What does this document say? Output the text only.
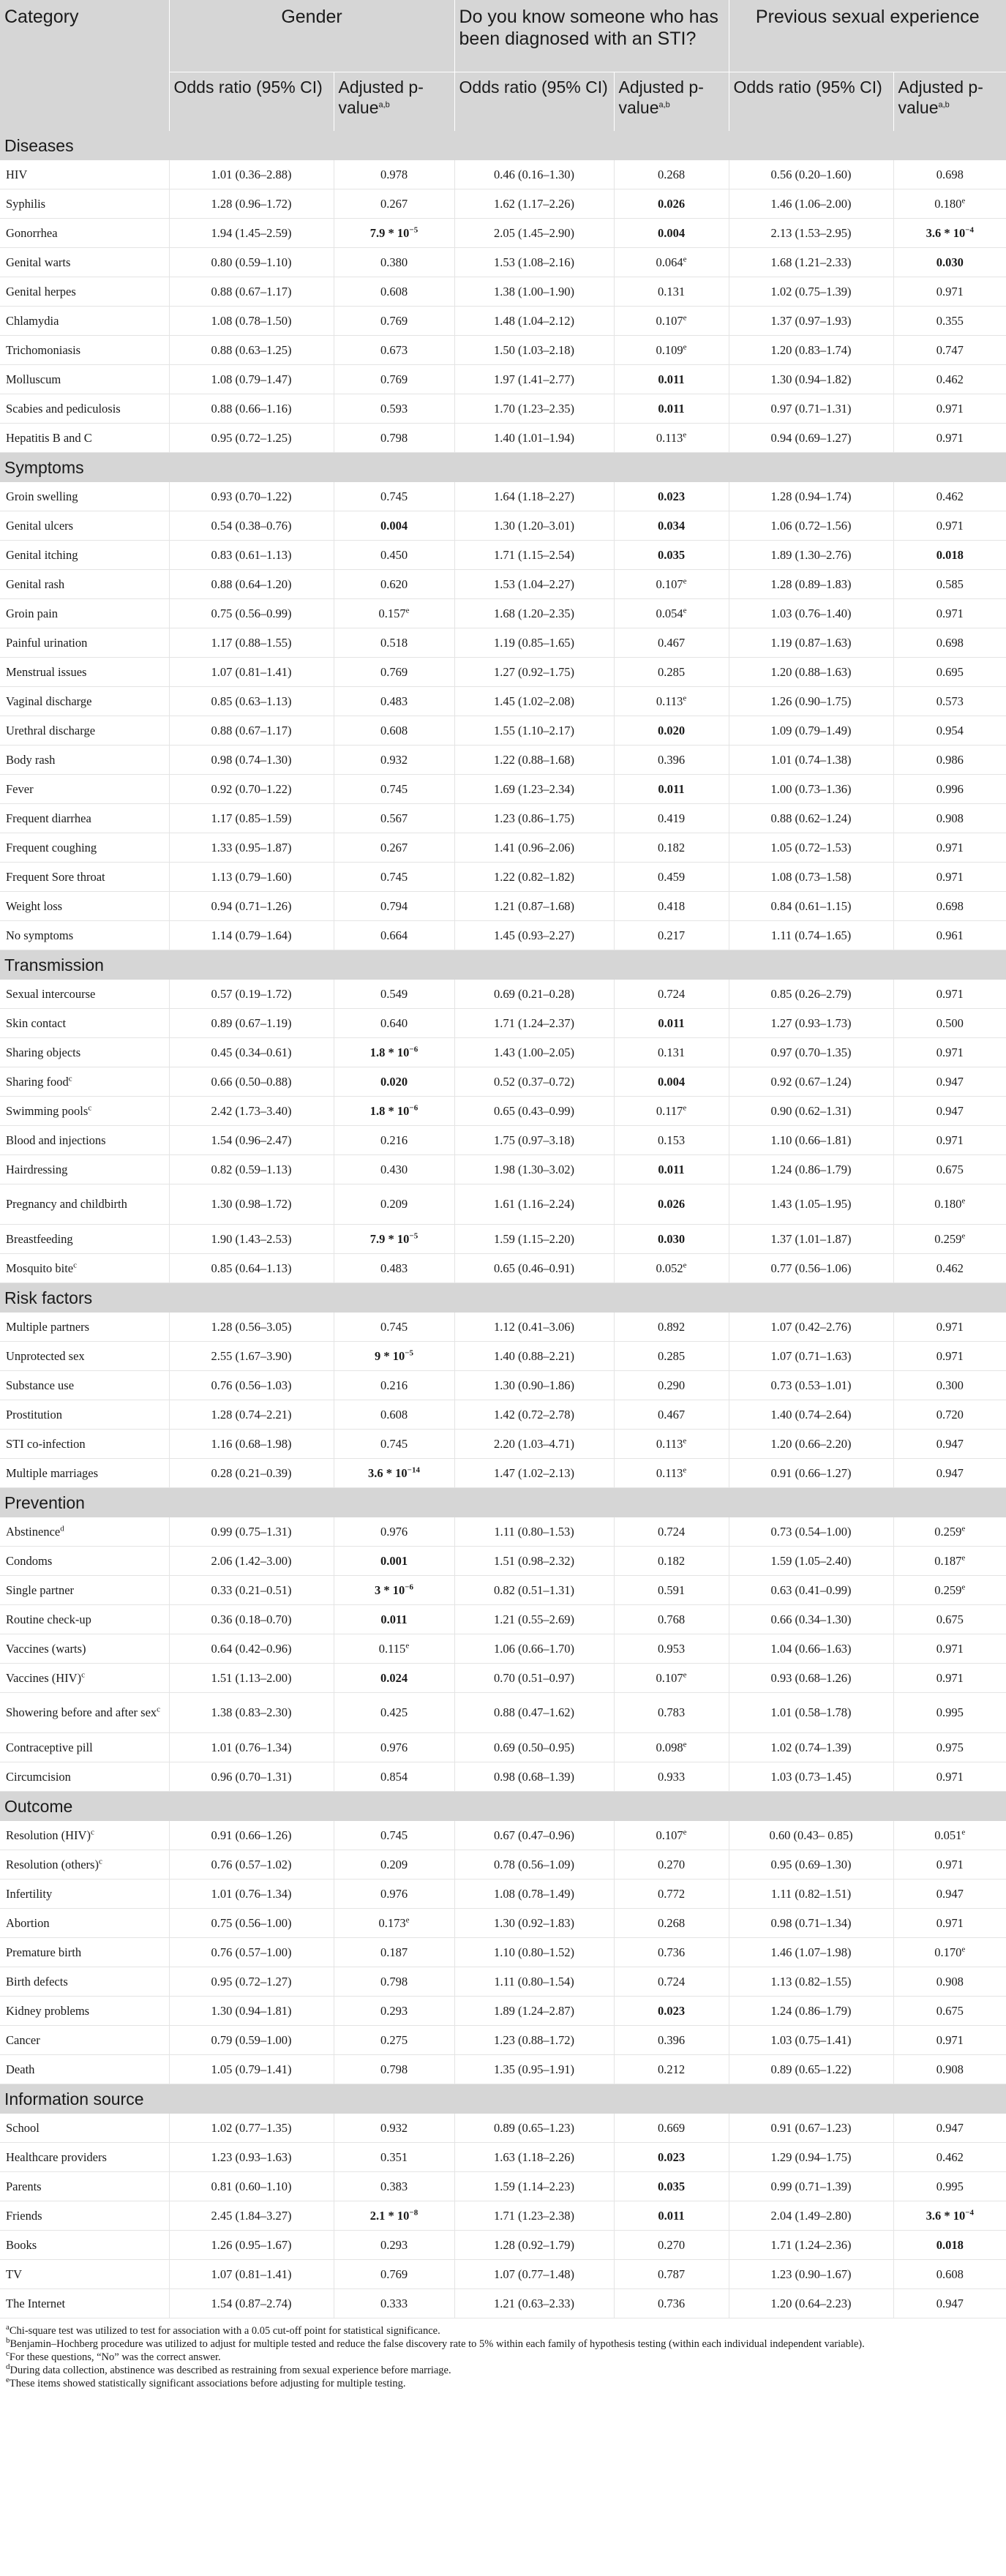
Category	Gender		Do you know someone who has been diagnosed with an STI?		Previous sexual experience	
	Odds ratio (95% CI)	Adjusted p-value$^{a,b}$	Odds ratio (95% CI)	Adjusted p-value$^{a,b}$	Odds ratio (95% CI)	Adjusted p-value$^{a,b}$
Diseases						
HIV	1.01 (0.36–2.88)	0.978	0.46 (0.16–1.30)	0.268	0.56 (0.20–1.60)	0.698
Syphilis	1.28 (0.96–1.72)	0.267	1.62 (1.17–2.26)	0.026	1.46 (1.06–2.00)	0.180e
Gonorrhea	1.94 (1.45–2.59)	$7.9 * 10^{-5}$	2.05 (1.45–2.90)	0.004	2.13 (1.53–2.95)	$3.6 * 10^{-4}$
Genital warts	0.80 (0.59–1.10)	0.380	1.53 (1.08–2.16)	0.064e	1.68 (1.21–2.33)	0.030
Genital herpes	0.88 (0.67–1.17)	0.608	1.38 (1.00–1.90)	0.131	1.02 (0.75–1.39)	0.971
Chlamydia	1.08 (0.78–1.50)	0.769	1.48 (1.04–2.12)	0.107e	1.37 (0.97–1.93)	0.355
Trichomoniasis	0.88 (0.63–1.25)	0.673	1.50 (1.03–2.18)	0.109e	1.20 (0.83–1.74)	0.747
Molluscum	1.08 (0.79–1.47)	0.769	1.97 (1.41–2.77)	0.011	1.30 (0.94–1.82)	0.462
Scabies and pediculosis	0.88 (0.66–1.16)	0.593	1.70 (1.23–2.35)	0.011	0.97 (0.71–1.31)	0.971
Hepatitis B and C	0.95 (0.72–1.25)	0.798	1.40 (1.01–1.94)	0.113e	0.94 (0.69–1.27)	0.971
Symptoms						
Groin swelling	0.93 (0.70–1.22)	0.745	1.64 (1.18–2.27)	0.023	1.28 (0.94–1.74)	0.462
Genital ulcers	0.54 (0.38–0.76)	0.004	1.30 (1.20–3.01)	0.034	1.06 (0.72–1.56)	0.971
Genital itching	0.83 (0.61–1.13)	0.450	1.71 (1.15–2.54)	0.035	1.89 (1.30–2.76)	0.018
Genital rash	0.88 (0.64–1.20)	0.620	1.53 (1.04–2.27)	0.107e	1.28 (0.89–1.83)	0.585
Groin pain	0.75 (0.56–0.99)	0.157e	1.68 (1.20–2.35)	0.054e	1.03 (0.76–1.40)	0.971
Painful urination	1.17 (0.88–1.55)	0.518	1.19 (0.85–1.65)	0.467	1.19 (0.87–1.63)	0.698
Menstrual issues	1.07 (0.81–1.41)	0.769	1.27 (0.92–1.75)	0.285	1.20 (0.88–1.63)	0.695
Vaginal discharge	0.85 (0.63–1.13)	0.483	1.45 (1.02–2.08)	0.113e	1.26 (0.90–1.75)	0.573
Urethral discharge	0.88 (0.67–1.17)	0.608	1.55 (1.10–2.17)	0.020	1.09 (0.79–1.49)	0.954
Body rash	0.98 (0.74–1.30)	0.932	1.22 (0.88–1.68)	0.396	1.01 (0.74–1.38)	0.986
Fever	0.92 (0.70–1.22)	0.745	1.69 (1.23–2.34)	0.011	1.00 (0.73–1.36)	0.996
Frequent diarrhea	1.17 (0.85–1.59)	0.567	1.23 (0.86–1.75)	0.419	0.88 (0.62–1.24)	0.908
Frequent coughing	1.33 (0.95–1.87)	0.267	1.41 (0.96–2.06)	0.182	1.05 (0.72–1.53)	0.971
Frequent Sore throat	1.13 (0.79–1.60)	0.745	1.22 (0.82–1.82)	0.459	1.08 (0.73–1.58)	0.971
Weight loss	0.94 (0.71–1.26)	0.794	1.21 (0.87–1.68)	0.418	0.84 (0.61–1.15)	0.698
No symptoms	1.14 (0.79–1.64)	0.664	1.45 (0.93–2.27)	0.217	1.11 (0.74–1.65)	0.961
Transmission						
Sexual intercourse	0.57 (0.19–1.72)	0.549	0.69 (0.21–0.28)	0.724	0.85 (0.26–2.79)	0.971
Skin contact	0.89 (0.67–1.19)	0.640	1.71 (1.24–2.37)	0.011	1.27 (0.93–1.73)	0.500
Sharing objects	0.45 (0.34–0.61)	$1.8 * 10^{-6}$	1.43 (1.00–2.05)	0.131	0.97 (0.70–1.35)	0.971
Sharing food$^c$	0.66 (0.50–0.88)	0.020	0.52 (0.37–0.72)	0.004	0.92 (0.67–1.24)	0.947
Swimming pools$^c$	2.42 (1.73–3.40)	$1.8 * 10^{-6}$	0.65 (0.43–0.99)	0.117e	0.90 (0.62–1.31)	0.947
Blood and injections	1.54 (0.96–2.47)	0.216	1.75 (0.97–3.18)	0.153	1.10 (0.66–1.81)	0.971
Hairdressing	0.82 (0.59–1.13)	0.430	1.98 (1.30–3.02)	0.011	1.24 (0.86–1.79)	0.675
Pregnancy and childbirth	1.30 (0.98–1.72)	0.209	1.61 (1.16–2.24)	0.026	1.43 (1.05–1.95)	0.180e
Breastfeeding	1.90 (1.43–2.53)	$7.9 * 10^{-5}$	1.59 (1.15–2.20)	0.030	1.37 (1.01–1.87)	0.259e
Mosquito bite$^c$	0.85 (0.64–1.13)	0.483	0.65 (0.46–0.91)	0.052e	0.77 (0.56–1.06)	0.462
Risk factors						
Multiple partners	1.28 (0.56–3.05)	0.745	1.12 (0.41–3.06)	0.892	1.07 (0.42–2.76)	0.971
Unprotected sex	2.55 (1.67–3.90)	$9 * 10^{-5}$	1.40 (0.88–2.21)	0.285	1.07 (0.71–1.63)	0.971
Substance use	0.76 (0.56–1.03)	0.216	1.30 (0.90–1.86)	0.290	0.73 (0.53–1.01)	0.300
Prostitution	1.28 (0.74–2.21)	0.608	1.42 (0.72–2.78)	0.467	1.40 (0.74–2.64)	0.720
STI co-infection	1.16 (0.68–1.98)	0.745	2.20 (1.03–4.71)	0.113e	1.20 (0.66–2.20)	0.947
Multiple marriages	0.28 (0.21–0.39)	$3.6 * 10^{-14}$	1.47 (1.02–2.13)	0.113e	0.91 (0.66–1.27)	0.947
Prevention						
Abstinence$^d$	0.99 (0.75–1.31)	0.976	1.11 (0.80–1.53)	0.724	0.73 (0.54–1.00)	0.259e
Condoms	2.06 (1.42–3.00)	0.001	1.51 (0.98–2.32)	0.182	1.59 (1.05–2.40)	0.187e
Single partner	0.33 (0.21–0.51)	$3 * 10^{-6}$	0.82 (0.51–1.31)	0.591	0.63 (0.41–0.99)	0.259e
Routine check-up	0.36 (0.18–0.70)	0.011	1.21 (0.55–2.69)	0.768	0.66 (0.34–1.30)	0.675
Vaccines (warts)	0.64 (0.42–0.96)	0.115e	1.06 (0.66–1.70)	0.953	1.04 (0.66–1.63)	0.971
Vaccines (HIV)$^c$	1.51 (1.13–2.00)	0.024	0.70 (0.51–0.97)	0.107e	0.93 (0.68–1.26)	0.971
Showering before and after sex$^c$	1.38 (0.83–2.30)	0.425	0.88 (0.47–1.62)	0.783	1.01 (0.58–1.78)	0.995
Contraceptive pill	1.01 (0.76–1.34)	0.976	0.69 (0.50–0.95)	0.098e	1.02 (0.74–1.39)	0.975
Circumcision	0.96 (0.70–1.31)	0.854	0.98 (0.68–1.39)	0.933	1.03 (0.73–1.45)	0.971
Outcome						
Resolution (HIV)$^c$	0.91 (0.66–1.26)	0.745	0.67 (0.47–0.96)	0.107e	0.60 (0.43– 0.85)	0.051e
Resolution (others)$^c$	0.76 (0.57–1.02)	0.209	0.78 (0.56–1.09)	0.270	0.95 (0.69–1.30)	0.971
Infertility	1.01 (0.76–1.34)	0.976	1.08 (0.78–1.49)	0.772	1.11 (0.82–1.51)	0.947
Abortion	0.75 (0.56–1.00)	0.173e	1.30 (0.92–1.83)	0.268	0.98 (0.71–1.34)	0.971
Premature birth	0.76 (0.57–1.00)	0.187	1.10 (0.80–1.52)	0.736	1.46 (1.07–1.98)	0.170e
Birth defects	0.95 (0.72–1.27)	0.798	1.11 (0.80–1.54)	0.724	1.13 (0.82–1.55)	0.908
Kidney problems	1.30 (0.94–1.81)	0.293	1.89 (1.24–2.87)	0.023	1.24 (0.86–1.79)	0.675
Cancer	0.79 (0.59–1.00)	0.275	1.23 (0.88–1.72)	0.396	1.03 (0.75–1.41)	0.971
Death	1.05 (0.79–1.41)	0.798	1.35 (0.95–1.91)	0.212	0.89 (0.65–1.22)	0.908
Information source						
School	1.02 (0.77–1.35)	0.932	0.89 (0.65–1.23)	0.669	0.91 (0.67–1.23)	0.947
Healthcare providers	1.23 (0.93–1.63)	0.351	1.63 (1.18–2.26)	0.023	1.29 (0.94–1.75)	0.462
Parents	0.81 (0.60–1.10)	0.383	1.59 (1.14–2.23)	0.035	0.99 (0.71–1.39)	0.995
Friends	2.45 (1.84–3.27)	$2.1 * 10^{-8}$	1.71 (1.23–2.38)	0.011	2.04 (1.49–2.80)	$3.6 * 10^{-4}$
Books	1.26 (0.95–1.67)	0.293	1.28 (0.92–1.79)	0.270	1.71 (1.24–2.36)	0.018
TV	1.07 (0.81–1.41)	0.769	1.07 (0.77–1.48)	0.787	1.23 (0.90–1.67)	0.608
The Internet	1.54 (0.87–2.74)	0.333	1.21 (0.63–2.33)	0.736	1.20 (0.64–2.23)	0.947

$^a$Chi-square test was utilized to test for association with a 0.05 cut-off point for statistical significance.

$^b$Benjamin–Hochberg procedure was utilized to adjust for multiple tested and reduce the false discovery rate to 5% within each family of hypothesis testing (within each individual independent variable).

$^c$For these questions, “No” was the correct answer.

$^d$During data collection, abstinence was described as restraining from sexual experience before marriage.

$^e$These items showed statistically significant associations before adjusting for multiple testing.
